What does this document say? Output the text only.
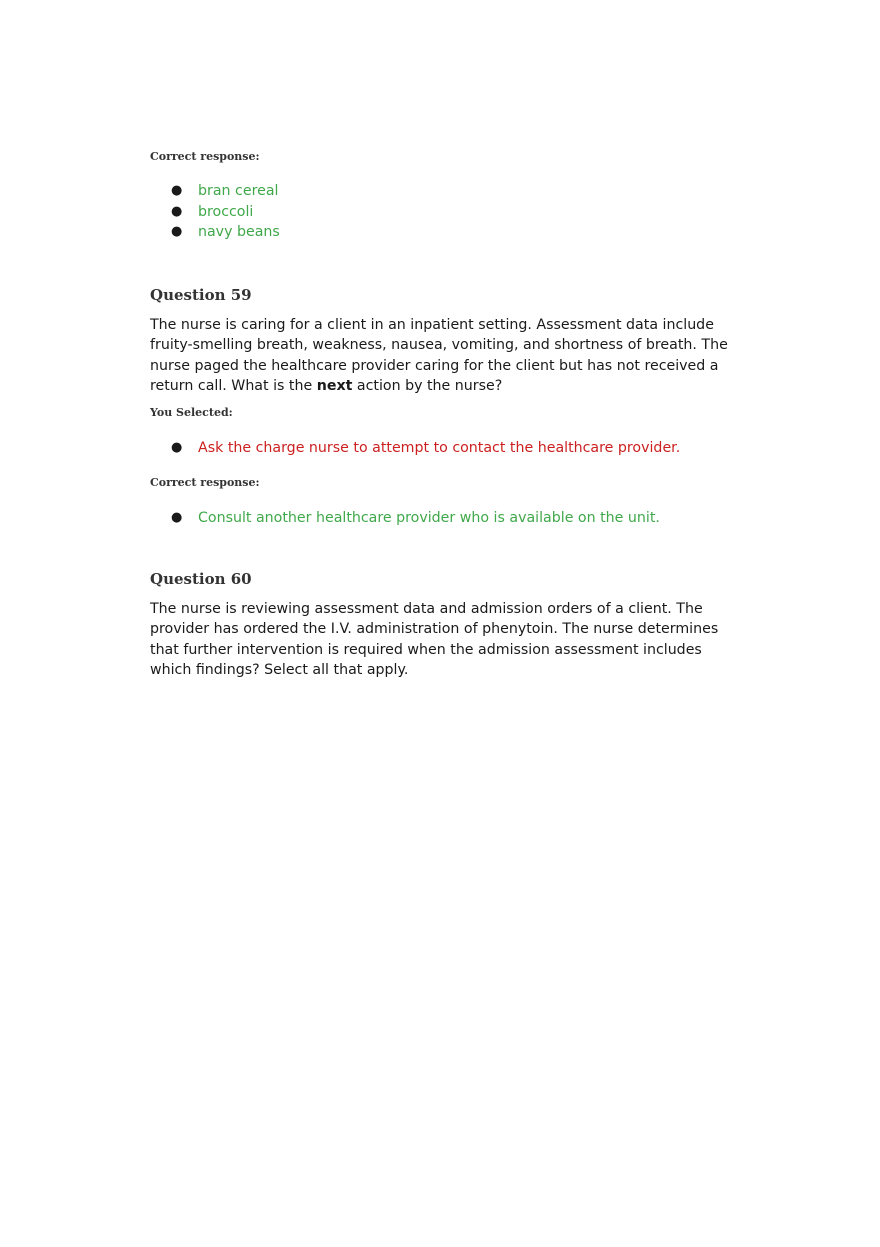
Correct response:

● bran cereal
● broccoli
● navy beans

Question 59

The nurse is caring for a client in an inpatient setting. Assessment data include fruity-smelling breath, weakness, nausea, vomiting, and shortness of breath. The nurse paged the healthcare provider caring for the client but has not received a return call. What is the next action by the nurse?

You Selected:

● Ask the charge nurse to attempt to contact the healthcare provider.

Correct response:

● Consult another healthcare provider who is available on the unit.

Question 60

The nurse is reviewing assessment data and admission orders of a client. The provider has ordered the I.V. administration of phenytoin. The nurse determines that further intervention is required when the admission assessment includes which findings? Select all that apply.
